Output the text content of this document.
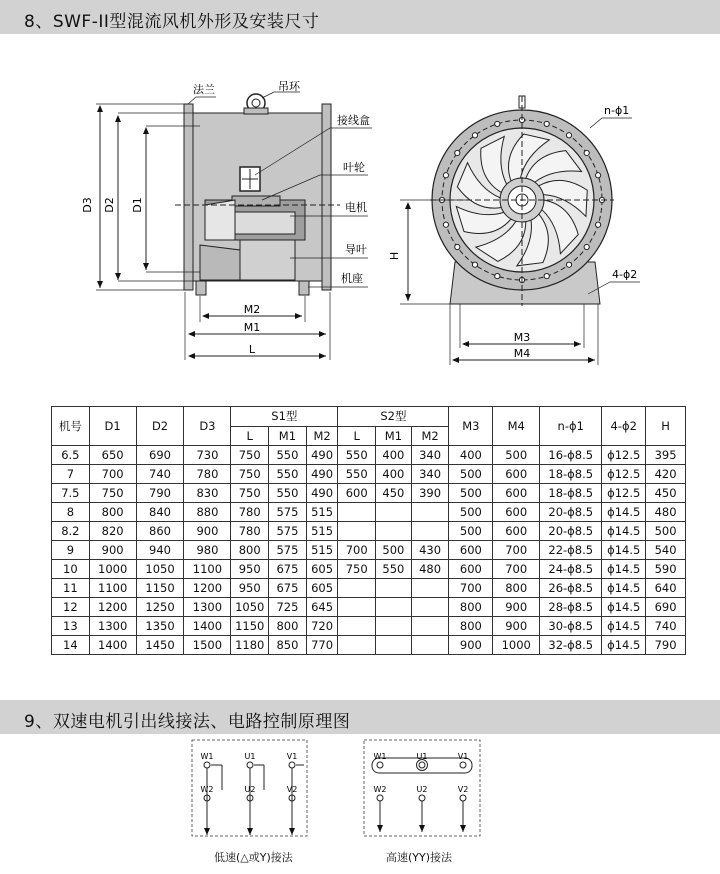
8、SWF-II型混流风机外形及安装尺寸
D3 D2 D1
M2
M1
L
法兰	吊环
接线盒
叶轮
电机
导叶
机座
n-ϕ1
4-ϕ2
H
M3
M4
机号	D1	D2	D3	S1型			S2型			M3	M4	n-ϕ1	4-ϕ2	H
				L	M1	M2	L	M1	M2					
6.5	650	690	730	750	550	490	550	400	340	400	500	16-ϕ8.5	ϕ12.5	395
7	700	740	780	750	550	490	550	400	340	500	600	18-ϕ8.5	ϕ12.5	420
7.5	750	790	830	750	550	490	600	450	390	500	600	18-ϕ8.5	ϕ12.5	450
8	800	840	880	780	575	515				500	600	20-ϕ8.5	ϕ14.5	480
8.2	820	860	900	780	575	515				500	600	20-ϕ8.5	ϕ14.5	500
9	900	940	980	800	575	515	700	500	430	600	700	22-ϕ8.5	ϕ14.5	540
10	1000	1050	1100	950	675	605	750	550	480	600	700	24-ϕ8.5	ϕ14.5	590
11	1100	1150	1200	950	675	605				700	800	26-ϕ8.5	ϕ14.5	640
12	1200	1250	1300	1050	725	645				800	900	28-ϕ8.5	ϕ14.5	690
13	1300	1350	1400	1150	800	720				800	900	30-ϕ8.5	ϕ14.5	740
14	1400	1450	1500	1180	850	770				900	1000	32-ϕ8.5	ϕ14.5	790
9、双速电机引出线接法、电路控制原理图
W1
W2
U1
U2
V1
V2
W1
W2
U1
U2
V1
V2
低速(△或Y)接法	高速(YY)接法
